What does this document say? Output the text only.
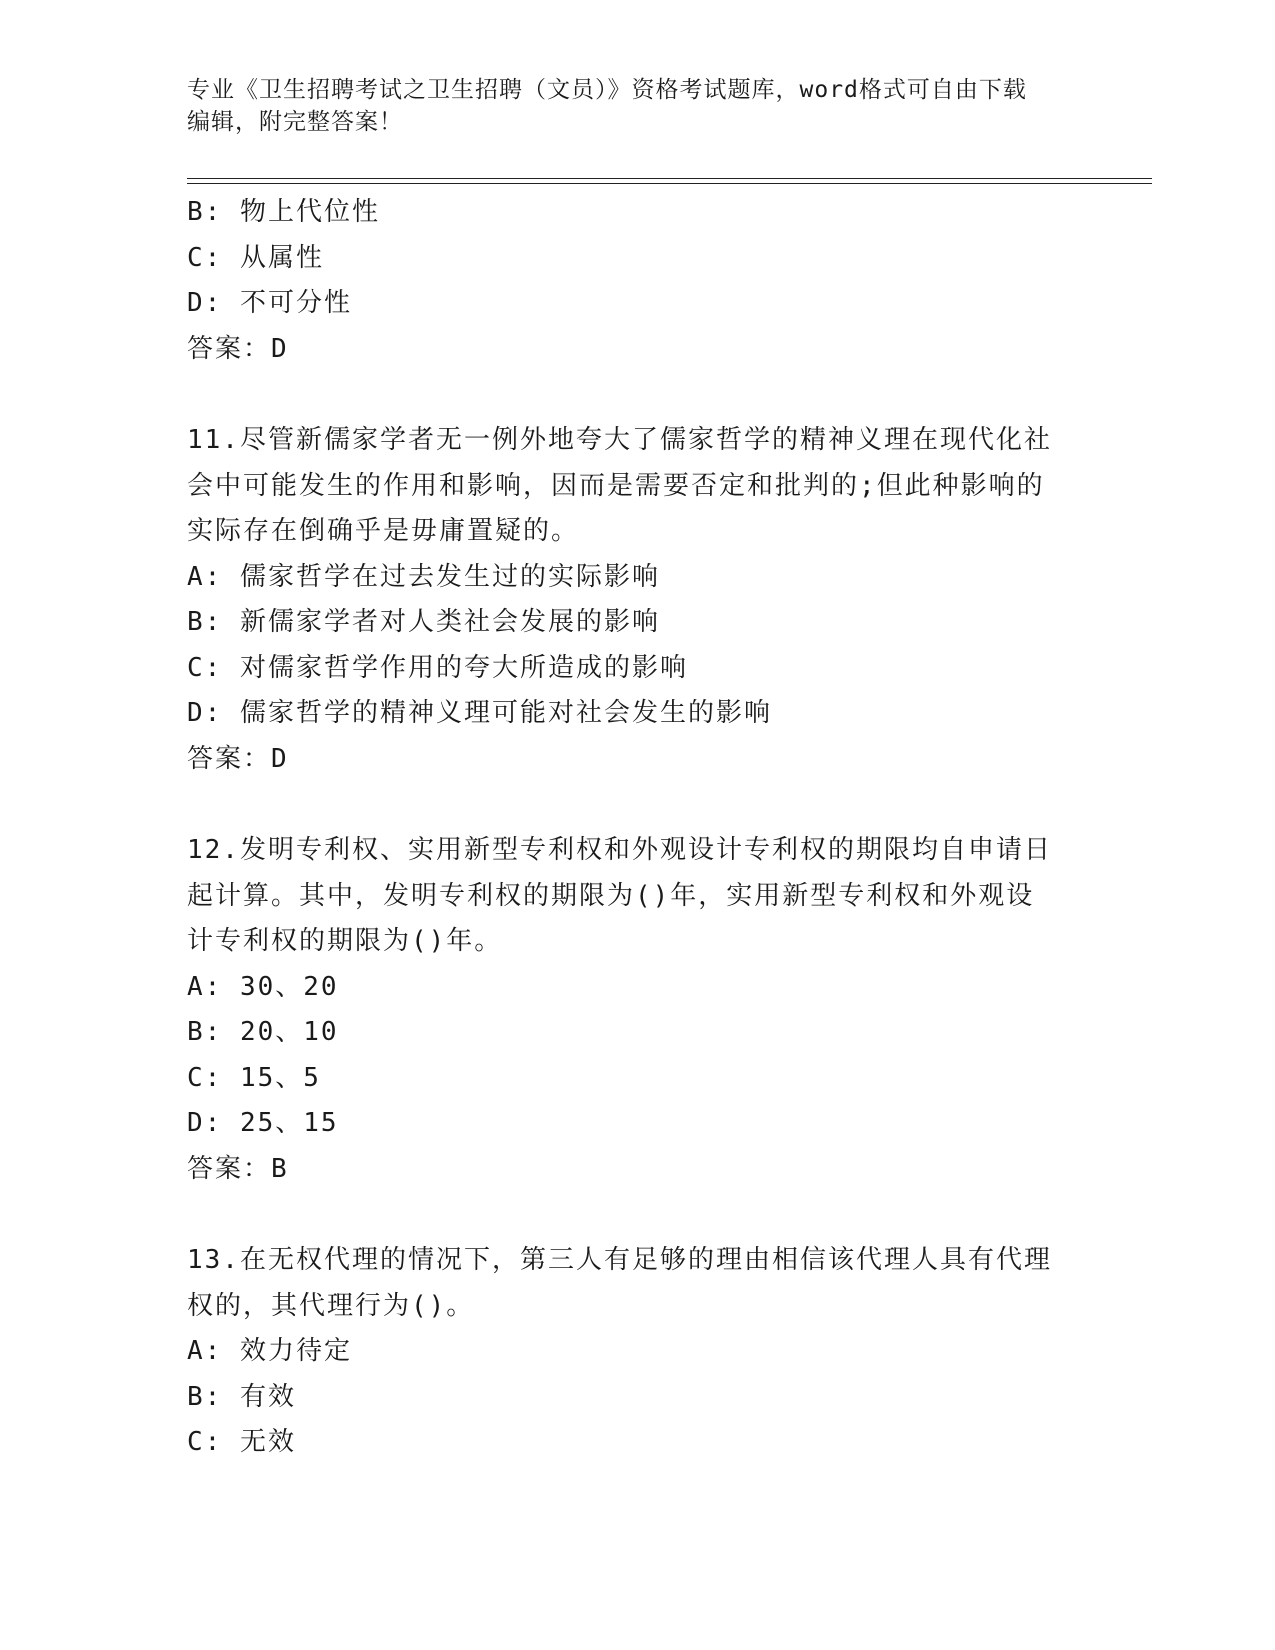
专业《卫生招聘考试之卫生招聘（文员）》资格考试题库，word格式可自由下载
编辑，附完整答案！
B: 物上代位性
C: 从属性
D: 不可分性
答案：D
11.尽管新儒家学者无一例外地夸大了儒家哲学的精神义理在现代化社
会中可能发生的作用和影响，因而是需要否定和批判的;但此种影响的
实际存在倒确乎是毋庸置疑的。
A: 儒家哲学在过去发生过的实际影响
B: 新儒家学者对人类社会发展的影响
C: 对儒家哲学作用的夸大所造成的影响
D: 儒家哲学的精神义理可能对社会发生的影响
答案：D
12.发明专利权、实用新型专利权和外观设计专利权的期限均自申请日
起计算。其中，发明专利权的期限为()年，实用新型专利权和外观设
计专利权的期限为()年。
A: 30、20
B: 20、10
C: 15、5
D: 25、15
答案：B
13.在无权代理的情况下，第三人有足够的理由相信该代理人具有代理
权的，其代理行为()。
A: 效力待定
B: 有效
C: 无效
